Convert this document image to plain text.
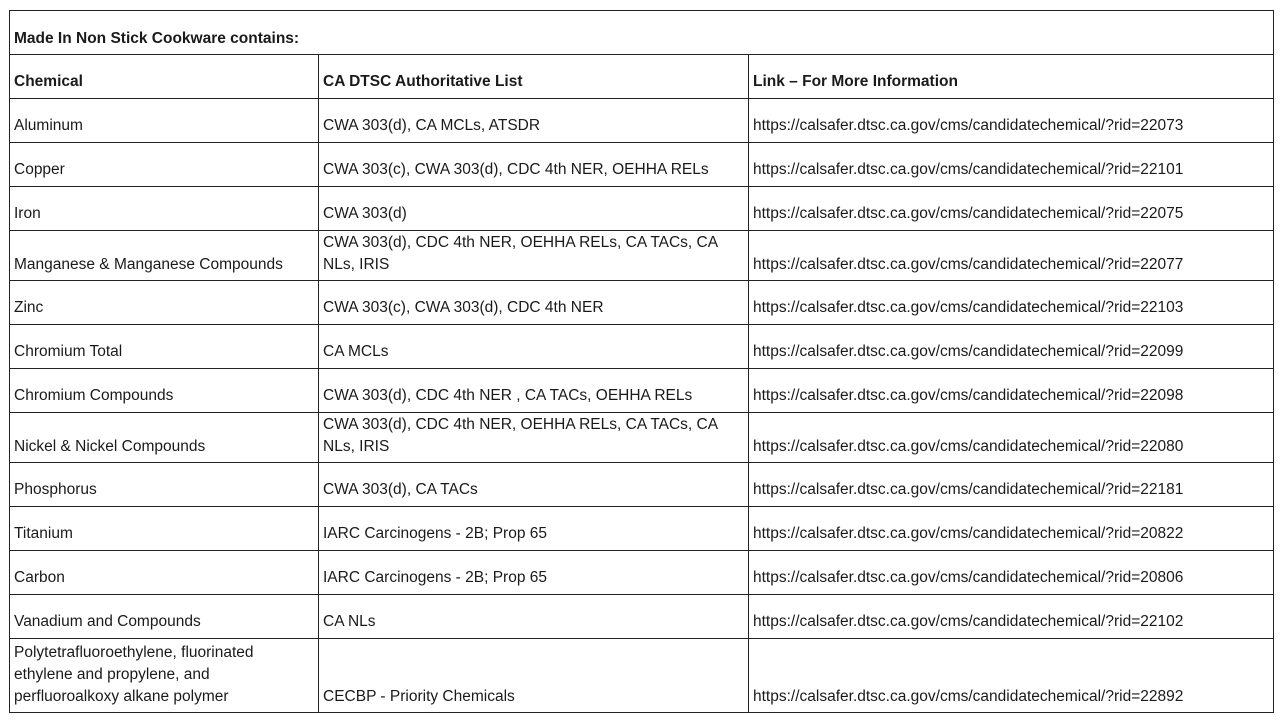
Made In Non Stick Cookware contains:		
Chemical	CA DTSC Authoritative List	Link – For More Information
Aluminum	CWA 303(d), CA MCLs, ATSDR	https://calsafer.dtsc.ca.gov/cms/candidatechemical/?rid=22073
Copper	CWA 303(c), CWA 303(d), CDC 4th NER, OEHHA RELs	https://calsafer.dtsc.ca.gov/cms/candidatechemical/?rid=22101
Iron	CWA 303(d)	https://calsafer.dtsc.ca.gov/cms/candidatechemical/?rid=22075
Manganese & Manganese Compounds	CWA 303(d), CDC 4th NER, OEHHA RELs, CA TACs, CA NLs, IRIS	https://calsafer.dtsc.ca.gov/cms/candidatechemical/?rid=22077
Zinc	CWA 303(c), CWA 303(d), CDC 4th NER	https://calsafer.dtsc.ca.gov/cms/candidatechemical/?rid=22103
Chromium Total	CA MCLs	https://calsafer.dtsc.ca.gov/cms/candidatechemical/?rid=22099
Chromium Compounds	CWA 303(d), CDC 4th NER , CA TACs, OEHHA RELs	https://calsafer.dtsc.ca.gov/cms/candidatechemical/?rid=22098
Nickel & Nickel Compounds	CWA 303(d), CDC 4th NER, OEHHA RELs, CA TACs, CA NLs, IRIS	https://calsafer.dtsc.ca.gov/cms/candidatechemical/?rid=22080
Phosphorus	CWA 303(d), CA TACs	https://calsafer.dtsc.ca.gov/cms/candidatechemical/?rid=22181
Titanium	IARC Carcinogens - 2B; Prop 65	https://calsafer.dtsc.ca.gov/cms/candidatechemical/?rid=20822
Carbon	IARC Carcinogens - 2B; Prop 65	https://calsafer.dtsc.ca.gov/cms/candidatechemical/?rid=20806
Vanadium and Compounds	CA NLs	https://calsafer.dtsc.ca.gov/cms/candidatechemical/?rid=22102
Polytetrafluoroethylene, fluorinated ethylene and propylene, and perfluoroalkoxy alkane polymer	CECBP - Priority Chemicals	https://calsafer.dtsc.ca.gov/cms/candidatechemical/?rid=22892
